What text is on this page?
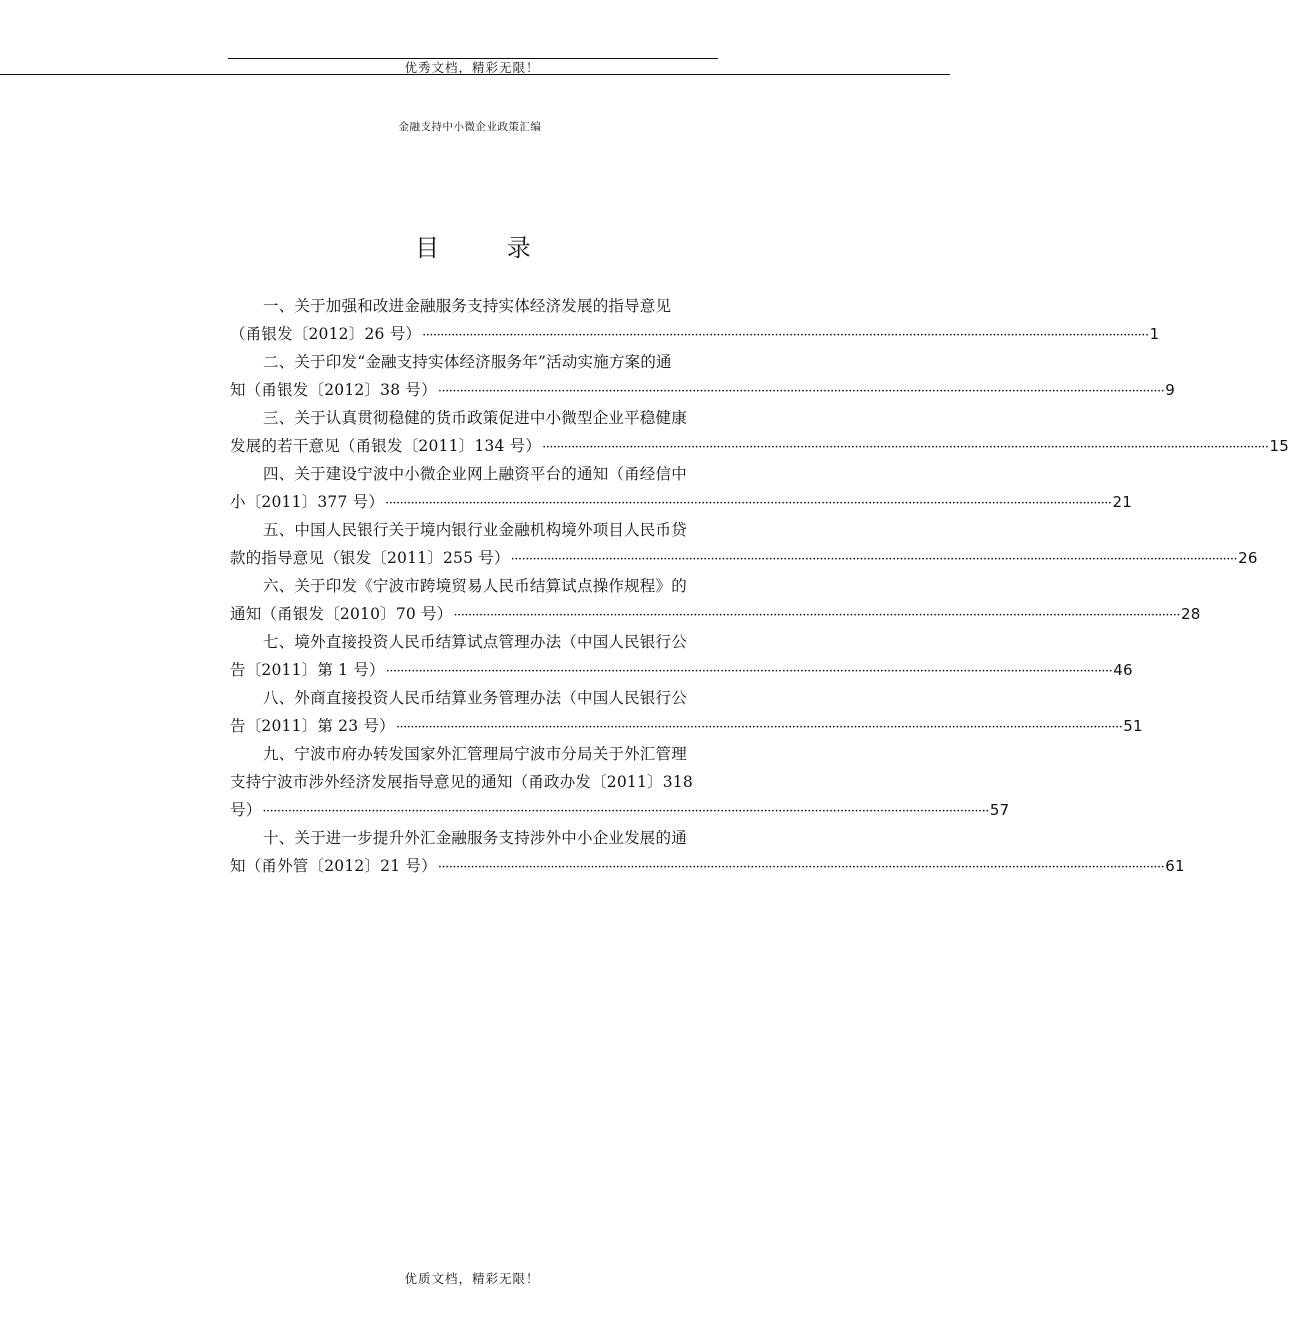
优秀文档，精彩无限！
金融支持中小微企业政策汇编
目 录
一、关于加强和改进金融服务支持实体经济发展的指导意见
（甬银发〔2012〕26 号） ········································································································································································································ 1
二、关于印发“金融支持实体经济服务年”活动实施方案的通
知（甬银发〔2012〕38 号） ········································································································································································································ 9
三、关于认真贯彻稳健的货币政策促进中小微型企业平稳健康
发展的若干意见（甬银发〔2011〕134 号） ········································································································································································································ 15
四、关于建设宁波中小微企业网上融资平台的通知（甬经信中
小〔2011〕377 号） ········································································································································································································ 21
五、中国人民银行关于境内银行业金融机构境外项目人民币贷
款的指导意见（银发〔2011〕255 号） ········································································································································································································ 26
六、关于印发《宁波市跨境贸易人民币结算试点操作规程》的
通知（甬银发〔2010〕70 号） ········································································································································································································ 28
七、境外直接投资人民币结算试点管理办法（中国人民银行公
告〔2011〕第 1 号） ········································································································································································································ 46
八、外商直接投资人民币结算业务管理办法（中国人民银行公
告〔2011〕第 23 号） ········································································································································································································ 51
九、宁波市府办转发国家外汇管理局宁波市分局关于外汇管理
支持宁波市涉外经济发展指导意见的通知（甬政办发〔2011〕318
号） ········································································································································································································ 57
十、关于进一步提升外汇金融服务支持涉外中小企业发展的通
知（甬外管〔2012〕21 号） ········································································································································································································ 61
优质文档，精彩无限！
